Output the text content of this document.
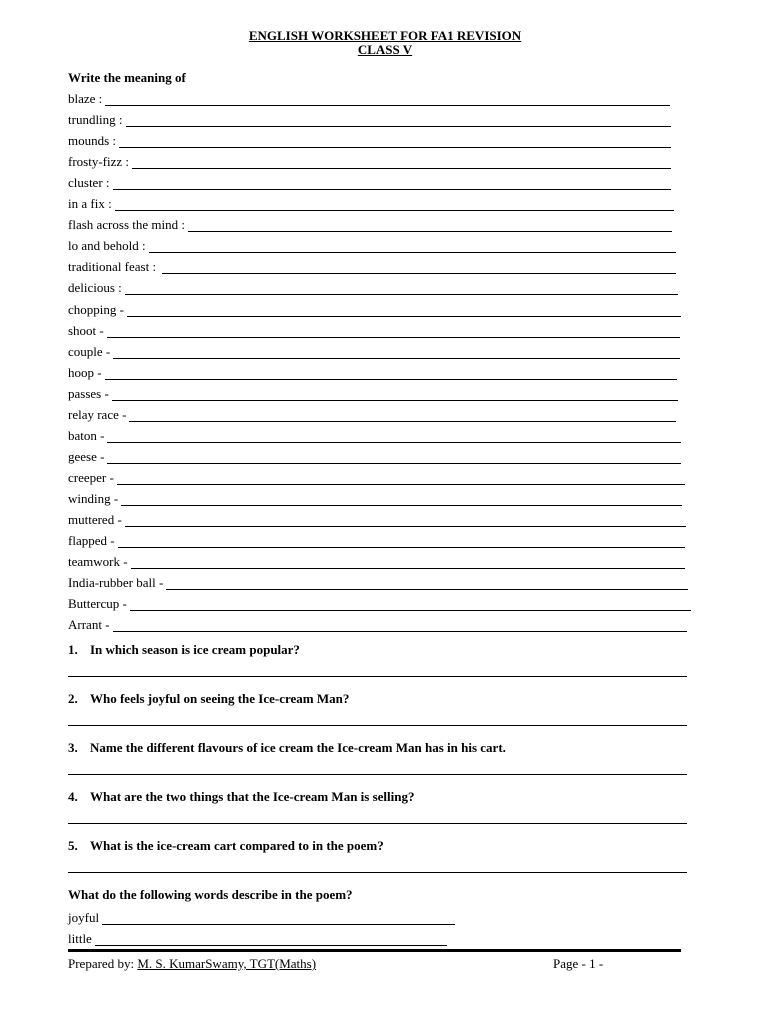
ENGLISH WORKSHEET FOR FA1 REVISION
CLASS V
Write the meaning of
blaze :
trundling :
mounds :
frosty-fizz :
cluster :
in a fix :
flash across the mind :
lo and behold :
traditional feast :
delicious :
chopping -
shoot -
couple -
hoop -
passes -
relay race -
baton -
geese -
creeper -
winding -
muttered -
flapped -
teamwork -
India-rubber ball -
Buttercup -
Arrant -
1. In which season is ice cream popular?
2. Who feels joyful on seeing the Ice-cream Man?
3. Name the different flavours of ice cream the Ice-cream Man has in his cart.
4. What are the two things that the Ice-cream Man is selling?
5. What is the ice-cream cart compared to in the poem?
What do the following words describe in the poem?
joyful
little
Prepared by: M. S. KumarSwamy, TGT(Maths)	Page - 1 -
